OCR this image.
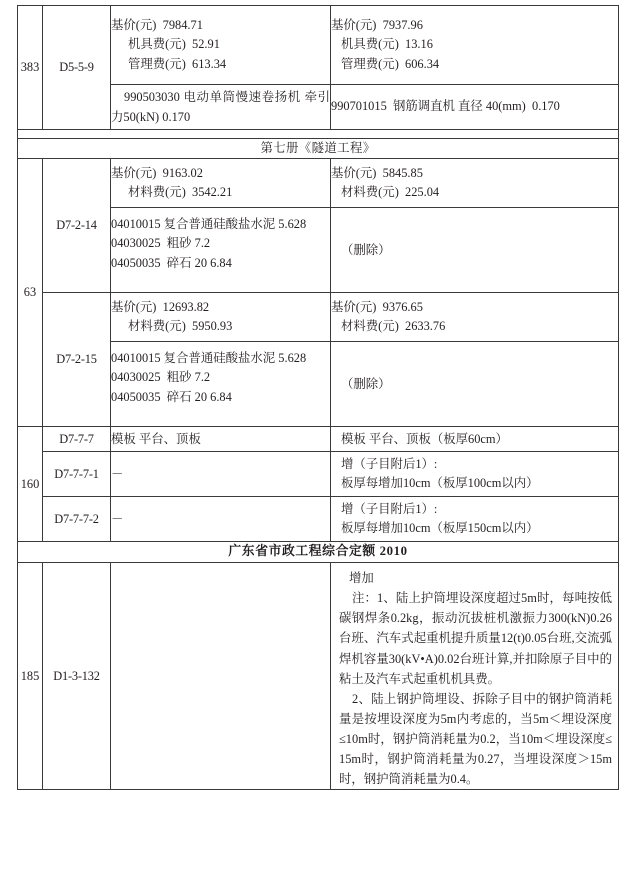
383	D5-5-9	基价(元)  7984.71
机具费(元)  52.91
管理费(元)  613.34	基价(元)  7937.96
机具费(元)  13.16
管理费(元)  606.34

		990503030 电动单筒慢速卷扬机 牵引力50(kN) 0.170	990701015  钢筋调直机 直径 40(mm)  0.170

第七册《隧道工程》			
63	D7-2-14	基价(元)  9163.02
材料费(元)  3542.21	基价(元)  5845.85
材料费(元)  225.04

		04010015 复合普通硅酸盐水泥 5.628
04030025  粗砂 7.2
04050035  碎石 20 6.84	（删除）

	D7-2-15	基价(元)  12693.82
材料费(元)  5950.93	基价(元)  9376.65
材料费(元)  2633.76

		04010015 复合普通硅酸盐水泥 5.628
04030025  粗砂 7.2
04050035  碎石 20 6.84	（删除）

160	D7-7-7	模板 平台、顶板	模板 平台、顶板（板厚60cm）

	D7-7-7-1	－	增（子目附后1）:
板厚每增加10cm（板厚100cm以内）

	D7-7-7-2	－	增（子目附后1）:
板厚每增加10cm（板厚150cm以内）

广东省市政工程综合定额 2010			
185	D1-3-132		增加
注：1、陆上护筒埋设深度超过5m时，每吨按低碳钢焊条0.2kg，振动沉拔桩机激振力300(kN)0.26台班、汽车式起重机提升质量12(t)0.05台班,交流弧焊机容量30(kV•A)0.02台班计算,并扣除原子目中的粘土及汽车式起重机机具费。
2、陆上钢护筒埋设、拆除子目中的钢护筒消耗量是按埋设深度为5m内考虑的，当5m＜埋设深度≤10m时，钢护筒消耗量为0.2，当10m＜埋设深度≤15m时，钢护筒消耗量为0.27，当埋设深度＞15m时，钢护筒消耗量为0.4。
